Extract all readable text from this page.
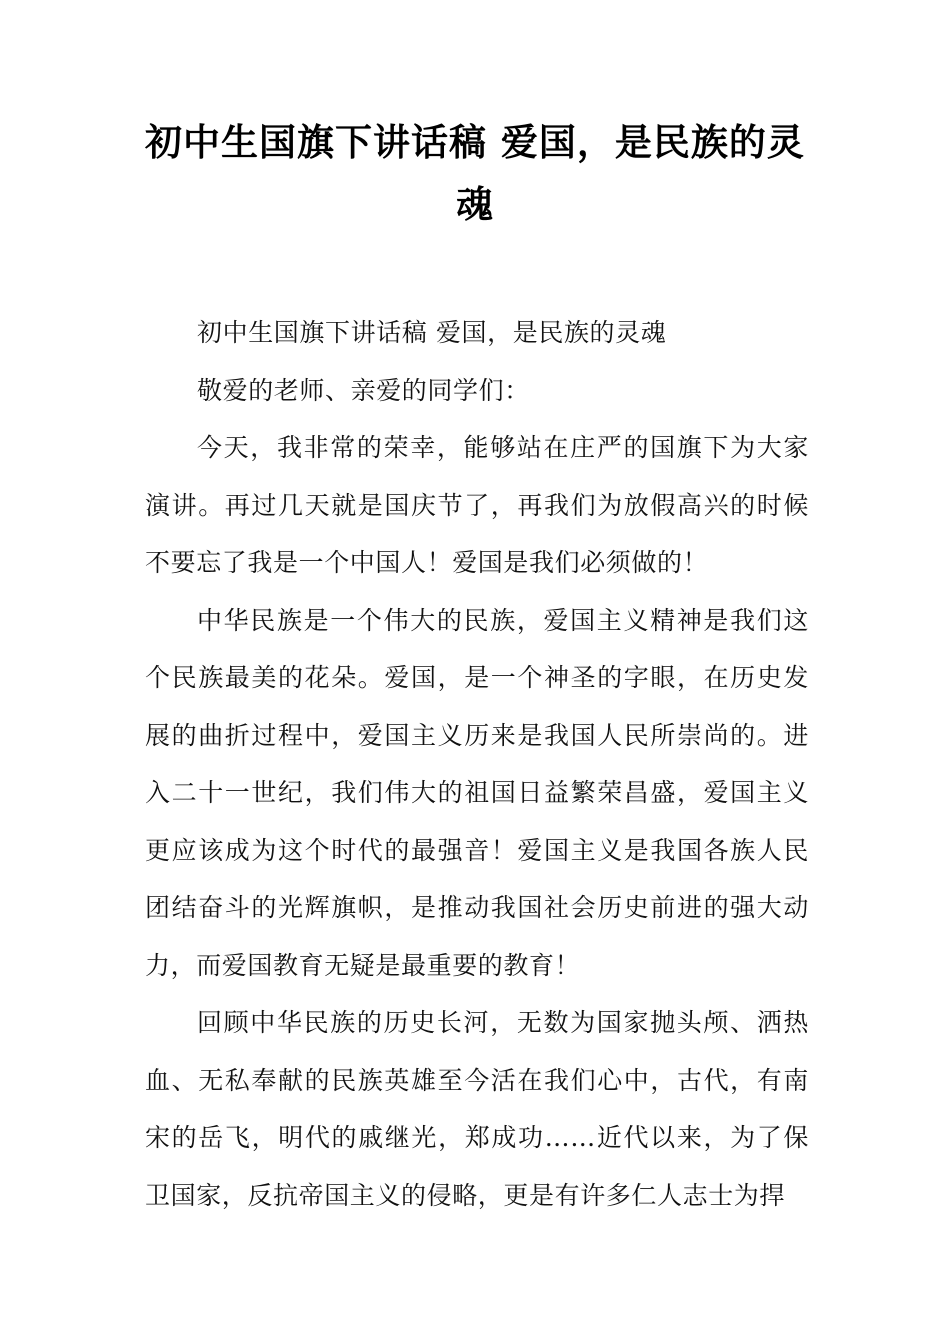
初中生国旗下讲话稿 爱国，是民族的灵魂

初中生国旗下讲话稿 爱国，是民族的灵魂

敬爱的老师、亲爱的同学们：

今天，我非常的荣幸，能够站在庄严的国旗下为大家演讲。再过几天就是国庆节了，再我们为放假高兴的时候不要忘了我是一个中国人！爱国是我们必须做的！

中华民族是一个伟大的民族，爱国主义精神是我们这个民族最美的花朵。爱国，是一个神圣的字眼，在历史发展的曲折过程中，爱国主义历来是我国人民所崇尚的。进入二十一世纪，我们伟大的祖国日益繁荣昌盛，爱国主义更应该成为这个时代的最强音！爱国主义是我国各族人民团结奋斗的光辉旗帜，是推动我国社会历史前进的强大动力，而爱国教育无疑是最重要的教育！

回顾中华民族的历史长河，无数为国家抛头颅、洒热血、无私奉献的民族英雄至今活在我们心中，古代，有南宋的岳飞，明代的戚继光，郑成功……近代以来，为了保卫国家，反抗帝国主义的侵略，更是有许多仁人志士为捍
